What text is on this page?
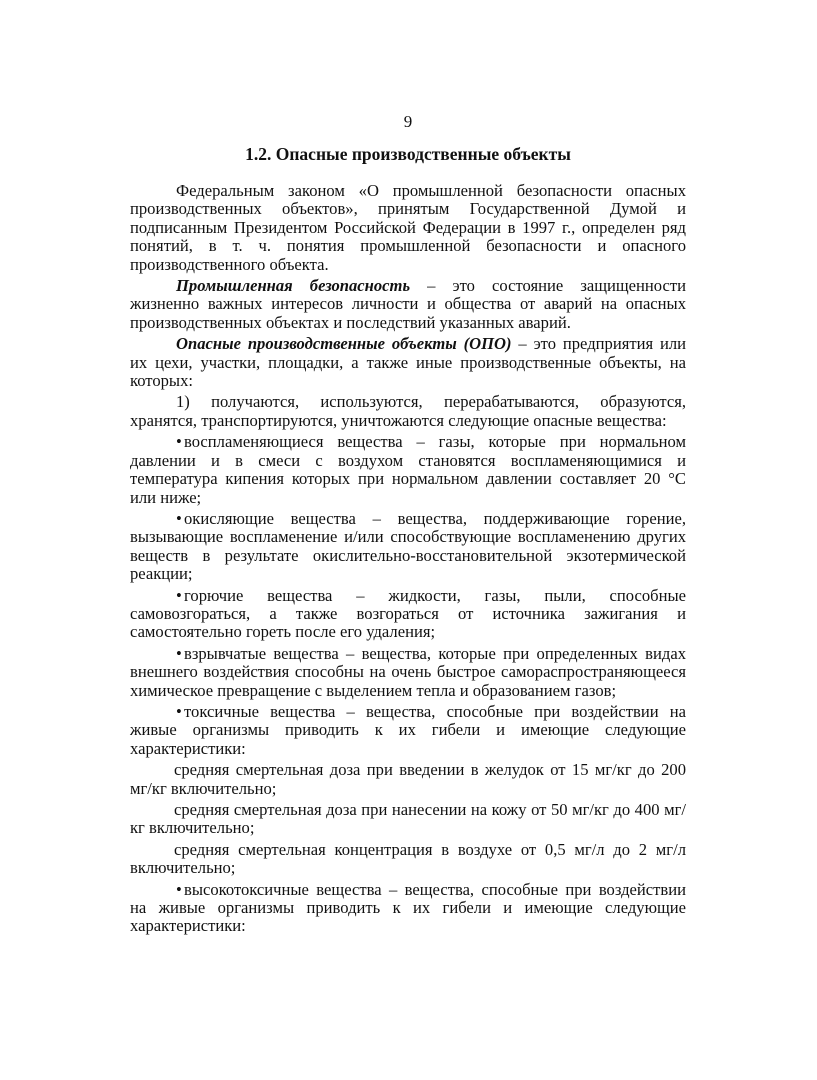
9
1.2. Опасные производственные объекты

Федеральным законом «О промышленной безопасности опасных производственных объектов», принятым Государственной Думой и подписанным Президентом Российской Федерации в 1997 г., определен ряд понятий, в т. ч. понятия промышленной безопасности и опасного производственного объекта.

Промышленная безопасность – это состояние защищенности жизненно важных интересов личности и общества от аварий на опасных производственных объектах и последствий указанных аварий.

Опасные производственные объекты (ОПО) – это предприятия или их цехи, участки, площадки, а также иные производственные объекты, на которых:

1) получаются, используются, перерабатываются, образуются, хранятся, транспортируются, уничтожаются следующие опасные вещества:

• воспламеняющиеся вещества – газы, которые при нормальном давлении и в смеси с воздухом становятся воспламеняющимися и температура кипения которых при нормальном давлении составляет 20 °С или ниже;

• окисляющие вещества – вещества, поддерживающие горение, вызывающие воспламенение и/или способствующие воспламенению других веществ в результате окислительно-восстановительной экзотермической реакции;

• горючие вещества – жидкости, газы, пыли, способные самовозгораться, а также возгораться от источника зажигания и самостоятельно гореть после его удаления;

• взрывчатые вещества – вещества, которые при определенных видах внешнего воздействия способны на очень быстрое самораспространяющееся химическое превращение с выделением тепла и образованием газов;

• токсичные вещества – вещества, способные при воздействии на живые организмы приводить к их гибели и имеющие следующие характеристики:

средняя смертельная доза при введении в желудок от 15 мг/кг до 200 мг/кг включительно;

средняя смертельная доза при нанесении на кожу от 50 мг/кг до 400 мг/кг включительно;

средняя смертельная концентрация в воздухе от 0,5 мг/л до 2 мг/л включительно;

• высокотоксичные вещества – вещества, способные при воздействии на живые организмы приводить к их гибели и имеющие следующие характеристики:
